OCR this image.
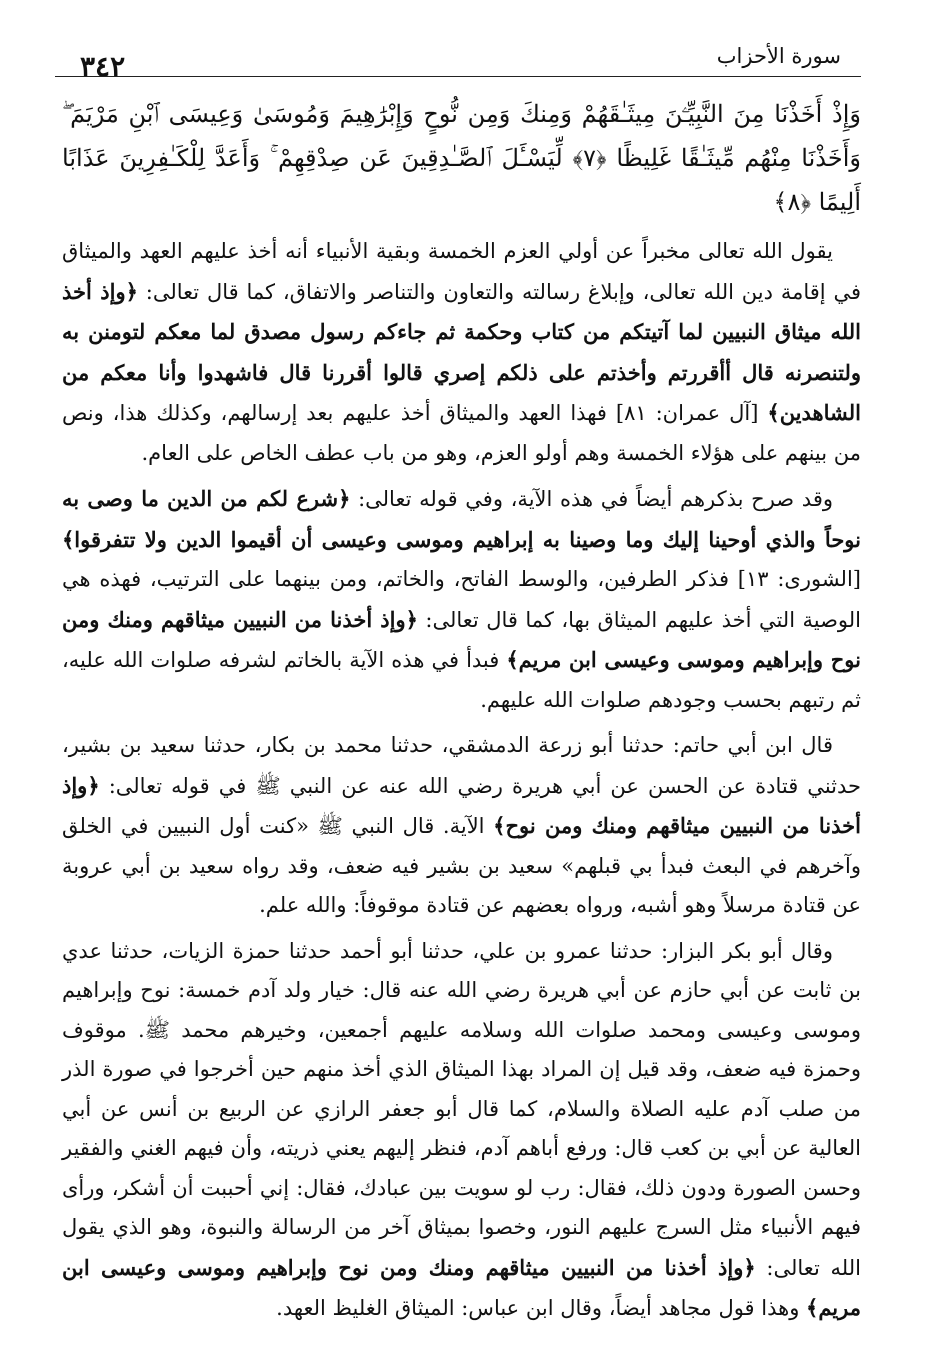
سورة الأحزاب
٣٤٢

وَإِذْ أَخَذْنَا مِنَ النَّبِيِّـۧنَ مِيثَـٰقَهُمْ وَمِنكَ وَمِن نُّوحٍ وَإِبْرَٰهِيمَ وَمُوسَىٰ وَعِيسَى ٱبْنِ مَرْيَمَ ۖ وَأَخَذْنَا مِنْهُم مِّيثَـٰقًا غَلِيظًا ﴿٧﴾ لِّيَسْـَٔلَ ٱلصَّـٰدِقِينَ عَن صِدْقِهِمْ ۚ وَأَعَدَّ لِلْكَـٰفِرِينَ عَذَابًا أَلِيمًا ﴿٨﴾

يقول الله تعالى مخبراً عن أولي العزم الخمسة وبقية الأنبياء أنه أخذ عليهم العهد والميثاق في إقامة دين الله تعالى، وإبلاغ رسالته والتعاون والتناصر والاتفاق، كما قال تعالى: ﴿وإذ أخذ الله ميثاق النبيين لما آتيتكم من كتاب وحكمة ثم جاءكم رسول مصدق لما معكم لتومنن به ولتنصرنه قال أأقررتم وأخذتم على ذلكم إصري قالوا أقررنا قال فاشهدوا وأنا معكم من الشاهدين﴾ [آل عمران: ٨١] فهذا العهد والميثاق أخذ عليهم بعد إرسالهم، وكذلك هذا، ونص من بينهم على هؤلاء الخمسة وهم أولو العزم، وهو من باب عطف الخاص على العام.

وقد صرح بذكرهم أيضاً في هذه الآية، وفي قوله تعالى: ﴿شرع لكم من الدين ما وصى به نوحاً والذي أوحينا إليك وما وصينا به إبراهيم وموسى وعيسى أن أقيموا الدين ولا تتفرقوا﴾ [الشورى: ١٣] فذكر الطرفين، والوسط الفاتح، والخاتم، ومن بينهما على الترتيب، فهذه هي الوصية التي أخذ عليهم الميثاق بها، كما قال تعالى: ﴿وإذ أخذنا من النبيين ميثاقهم ومنك ومن نوح وإبراهيم وموسى وعيسى ابن مريم﴾ فبدأ في هذه الآية بالخاتم لشرفه صلوات الله عليه، ثم رتبهم بحسب وجودهم صلوات الله عليهم.

قال ابن أبي حاتم: حدثنا أبو زرعة الدمشقي، حدثنا محمد بن بكار، حدثنا سعيد بن بشير، حدثني قتادة عن الحسن عن أبي هريرة رضي الله عنه عن النبي ﷺ في قوله تعالى: ﴿وإذ أخذنا من النبيين ميثاقهم ومنك ومن نوح﴾ الآية. قال النبي ﷺ «كنت أول النبيين في الخلق وآخرهم في البعث فبدأ بي قبلهم» سعيد بن بشير فيه ضعف، وقد رواه سعيد بن أبي عروبة عن قتادة مرسلاً وهو أشبه، ورواه بعضهم عن قتادة موقوفاً: والله علم.

وقال أبو بكر البزار: حدثنا عمرو بن علي، حدثنا أبو أحمد حدثنا حمزة الزيات، حدثنا عدي بن ثابت عن أبي حازم عن أبي هريرة رضي الله عنه قال: خيار ولد آدم خمسة: نوح وإبراهيم وموسى وعيسى ومحمد صلوات الله وسلامه عليهم أجمعين، وخيرهم محمد ﷺ. موقوف وحمزة فيه ضعف، وقد قيل إن المراد بهذا الميثاق الذي أخذ منهم حين أخرجوا في صورة الذر من صلب آدم عليه الصلاة والسلام، كما قال أبو جعفر الرازي عن الربيع بن أنس عن أبي العالية عن أبي بن كعب قال: ورفع أباهم آدم، فنظر إليهم يعني ذريته، وأن فيهم الغني والفقير وحسن الصورة ودون ذلك، فقال: رب لو سويت بين عبادك، فقال: إني أحببت أن أشكر، ورأى فيهم الأنبياء مثل السرج عليهم النور، وخصوا بميثاق آخر من الرسالة والنبوة، وهو الذي يقول الله تعالى: ﴿وإذ أخذنا من النبيين ميثاقهم ومنك ومن نوح وإبراهيم وموسى وعيسى ابن مريم﴾ وهذا قول مجاهد أيضاً، وقال ابن عباس: الميثاق الغليظ العهد.
